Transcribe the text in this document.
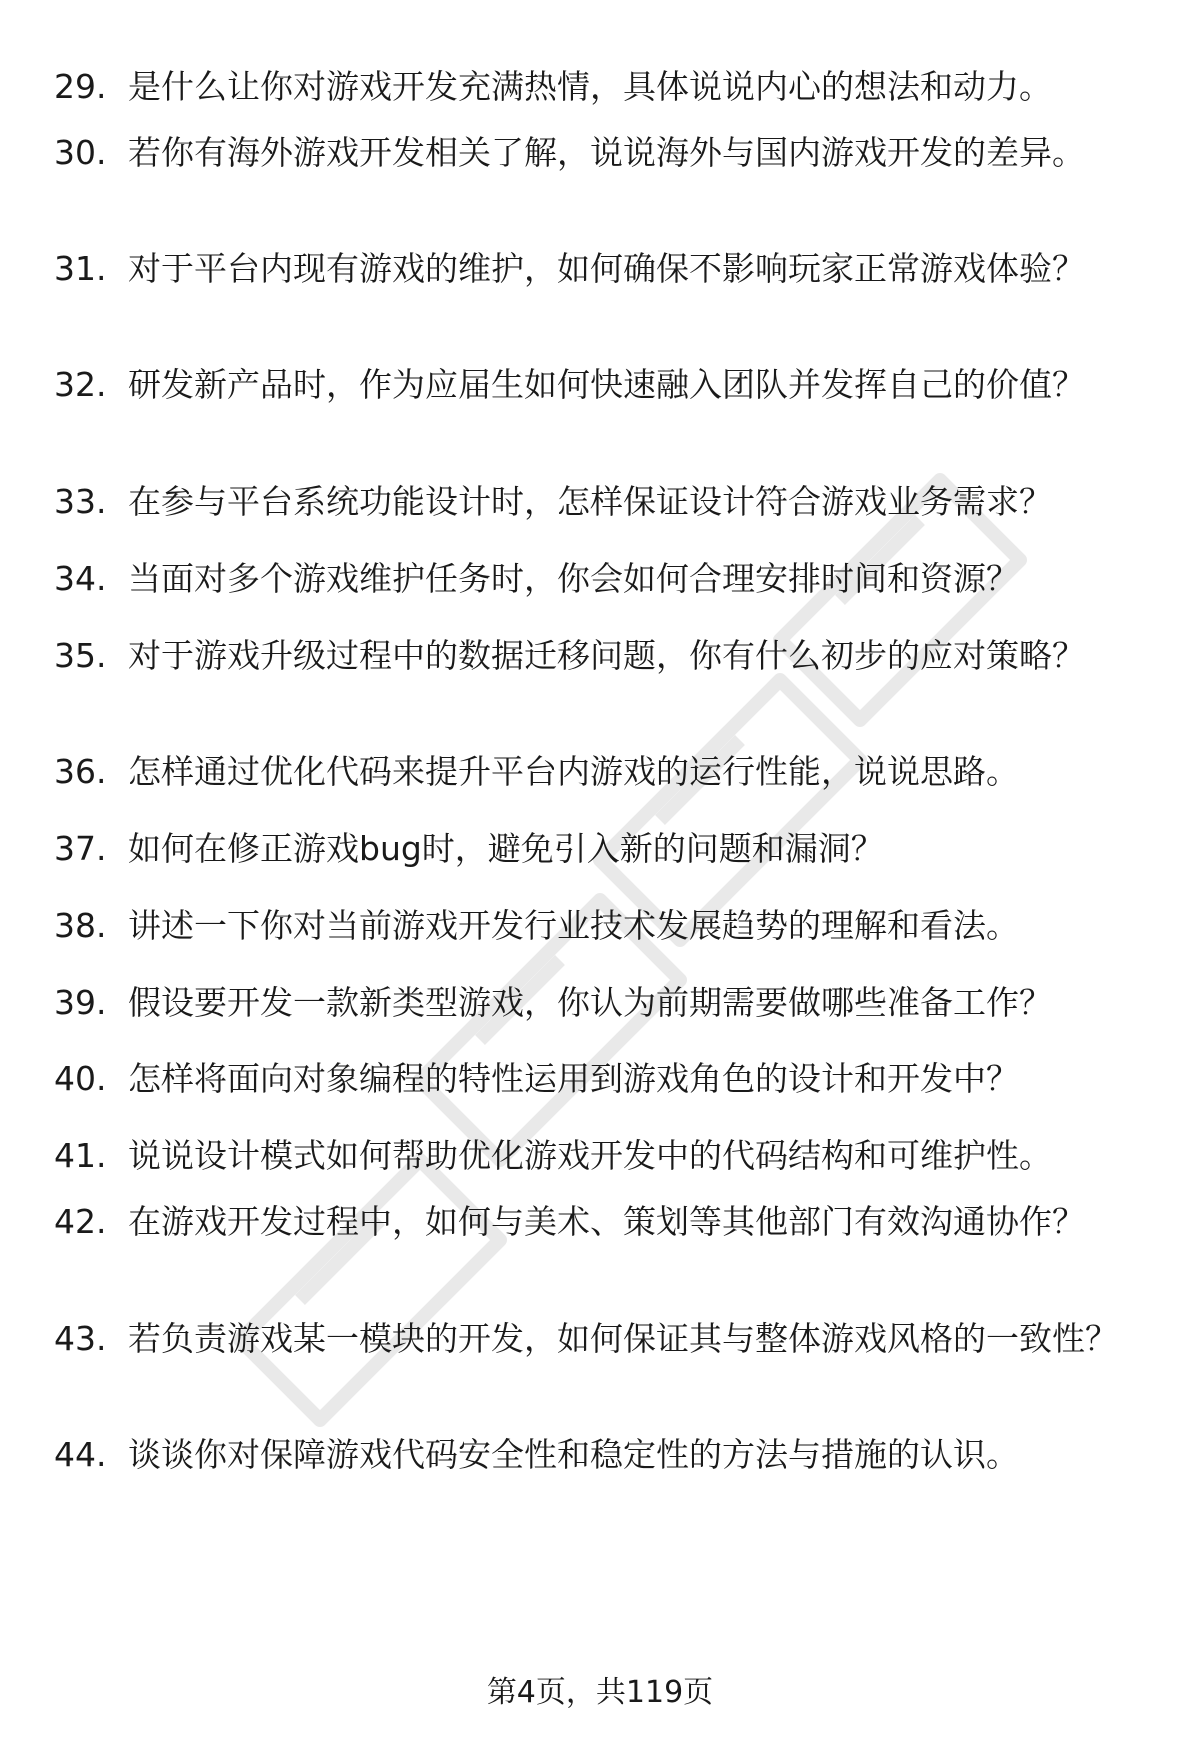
29. 是什么让你对游戏开发充满热情，具体说说内心的想法和动力。
30. 若你有海外游戏开发相关了解，说说海外与国内游戏开发的差异。
31. 对于平台内现有游戏的维护，如何确保不影响玩家正常游戏体验？
32. 研发新产品时，作为应届生如何快速融入团队并发挥自己的价值？
33. 在参与平台系统功能设计时，怎样保证设计符合游戏业务需求？
34. 当面对多个游戏维护任务时，你会如何合理安排时间和资源？
35. 对于游戏升级过程中的数据迁移问题，你有什么初步的应对策略？
36. 怎样通过优化代码来提升平台内游戏的运行性能，说说思路。
37. 如何在修正游戏bug时，避免引入新的问题和漏洞？
38. 讲述一下你对当前游戏开发行业技术发展趋势的理解和看法。
39. 假设要开发一款新类型游戏，你认为前期需要做哪些准备工作？
40. 怎样将面向对象编程的特性运用到游戏角色的设计和开发中？
41. 说说设计模式如何帮助优化游戏开发中的代码结构和可维护性。
42. 在游戏开发过程中，如何与美术、策划等其他部门有效沟通协作？
43. 若负责游戏某一模块的开发，如何保证其与整体游戏风格的一致性？
44. 谈谈你对保障游戏代码安全性和稳定性的方法与措施的认识。
第4页，共119页
